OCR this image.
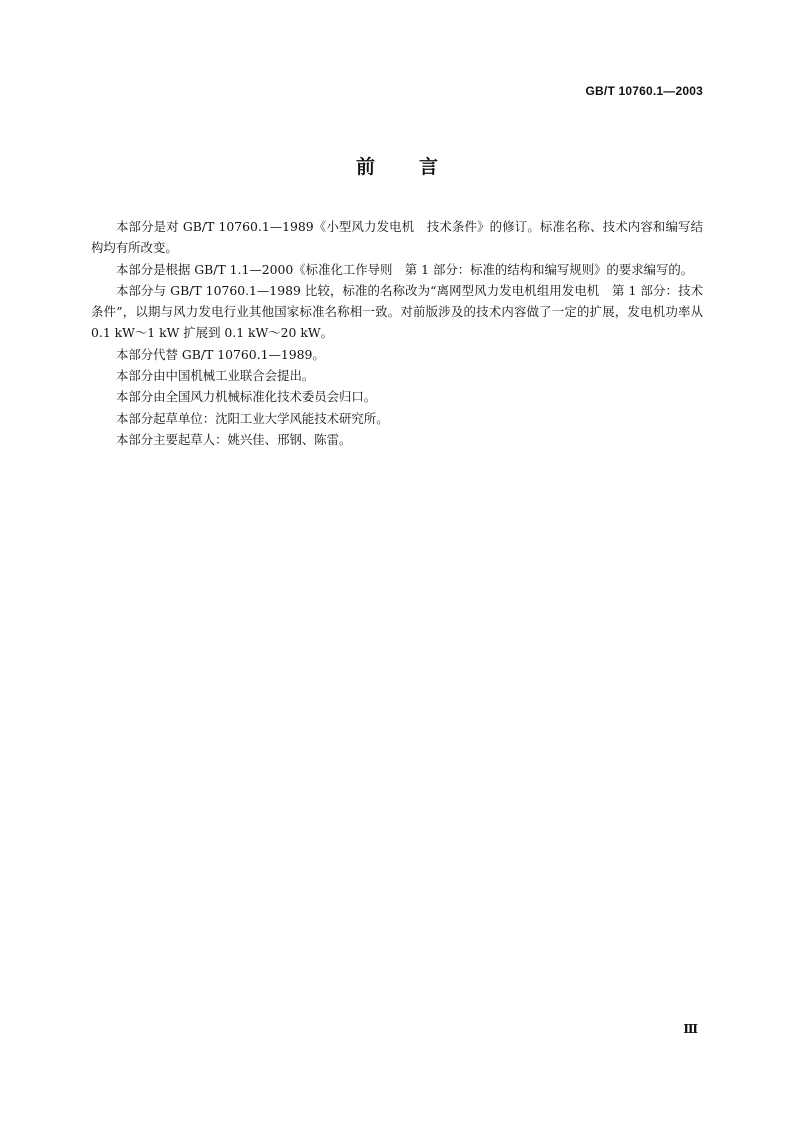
GB/T 10760.1—2003
前 言

本部分是对 GB/T 10760.1—1989《小型风力发电机　技术条件》的修订。标准名称、技术内容和编写结构均有所改变。

本部分是根据 GB/T 1.1—2000《标准化工作导则　第 1 部分：标准的结构和编写规则》的要求编写的。

本部分与 GB/T 10760.1—1989 比较，标准的名称改为“离网型风力发电机组用发电机　第 1 部分：技术条件”，以期与风力发电行业其他国家标准名称相一致。对前版涉及的技术内容做了一定的扩展，发电机功率从 0.1 kW～1 kW 扩展到 0.1 kW～20 kW。

本部分代替 GB/T 10760.1—1989。

本部分由中国机械工业联合会提出。

本部分由全国风力机械标准化技术委员会归口。

本部分起草单位：沈阳工业大学风能技术研究所。

本部分主要起草人：姚兴佳、邢钢、陈雷。

Ⅲ
